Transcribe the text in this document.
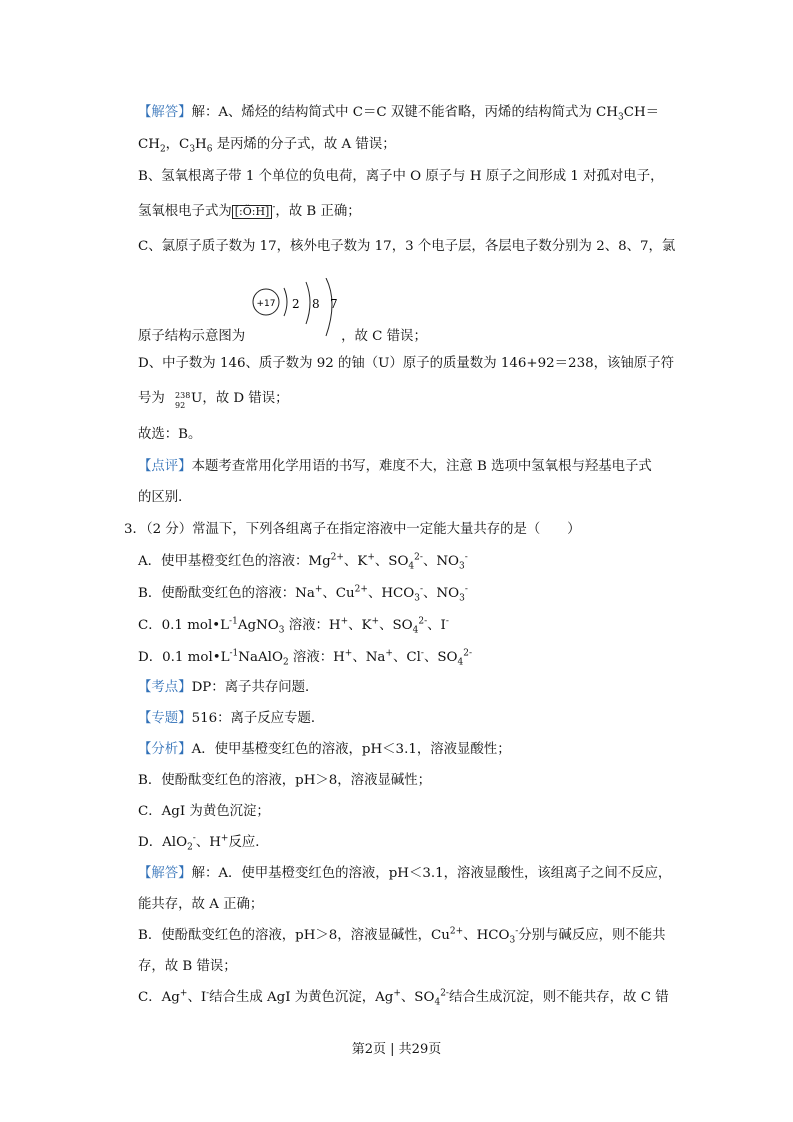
【解答】解：A、烯烃的结构简式中 C＝C 双键不能省略，丙烯的结构简式为 $CH_3CH=$
$CH_2$，$C_3H_6$ 是丙烯的分子式，故 A 错误；
B、氢氧根离子带 1 个单位的负电荷，离子中 O 原子与 H 原子之间形成 1 对孤对电子，
氢氧根电子式为 [:Ö:H] -，故 B 正确；
C、氯原子质子数为 17，核外电子数为 17，3 个电子层，各层电子数分别为 2、8、7，氯
+17 2 8 7
原子结构示意图为	，故 C 错误；
D、中子数为 146、质子数为 92 的铀（U）原子的质量数为 146+92＝238，该铀原子符
号为 238
92 U，故 D 错误；
故选：B。
【点评】本题考查常用化学用语的书写，难度不大，注意 B 选项中氢氧根与羟基电子式
的区别．
3．（2 分）常温下，下列各组离子在指定溶液中一定能大量共存的是（　　）
A．使甲基橙变红色的溶液：$Mg^{2+}$、K+、$SO_4^{2-}$、$NO_3^-$
B．使酚酞变红色的溶液：Na+、$Cu^{2+}$、$HCO_3^-$、$NO_3^-$
C．0.1 $mol•L^{-1}AgNO_3$ 溶液：H+、K+、$SO_4^{2-}$、I-
D．0.1 $mol•L^{-1}NaAlO_2$ 溶液：H+、Na+、Cl-、$SO_4^{2-}$
【考点】DP：离子共存问题．
【专题】516：离子反应专题．
【分析】A．使甲基橙变红色的溶液，pH＜3.1，溶液显酸性；
B．使酚酞变红色的溶液，pH＞8，溶液显碱性；
C．AgI 为黄色沉淀；
D．AlO$_2$-、H+反应．
【解答】解：A．使甲基橙变红色的溶液，pH＜3.1，溶液显酸性，该组离子之间不反应，
能共存，故 A 正确；
B．使酚酞变红色的溶液，pH＞8，溶液显碱性，$Cu^{2+}$、$HCO_3^-$分别与碱反应，则不能共
存，故 B 错误；
C．Ag+、I-结合生成 AgI 为黄色沉淀，Ag+、$SO_4^{2-}$结合生成沉淀，则不能共存，故 C 错
第2页 | 共29页
